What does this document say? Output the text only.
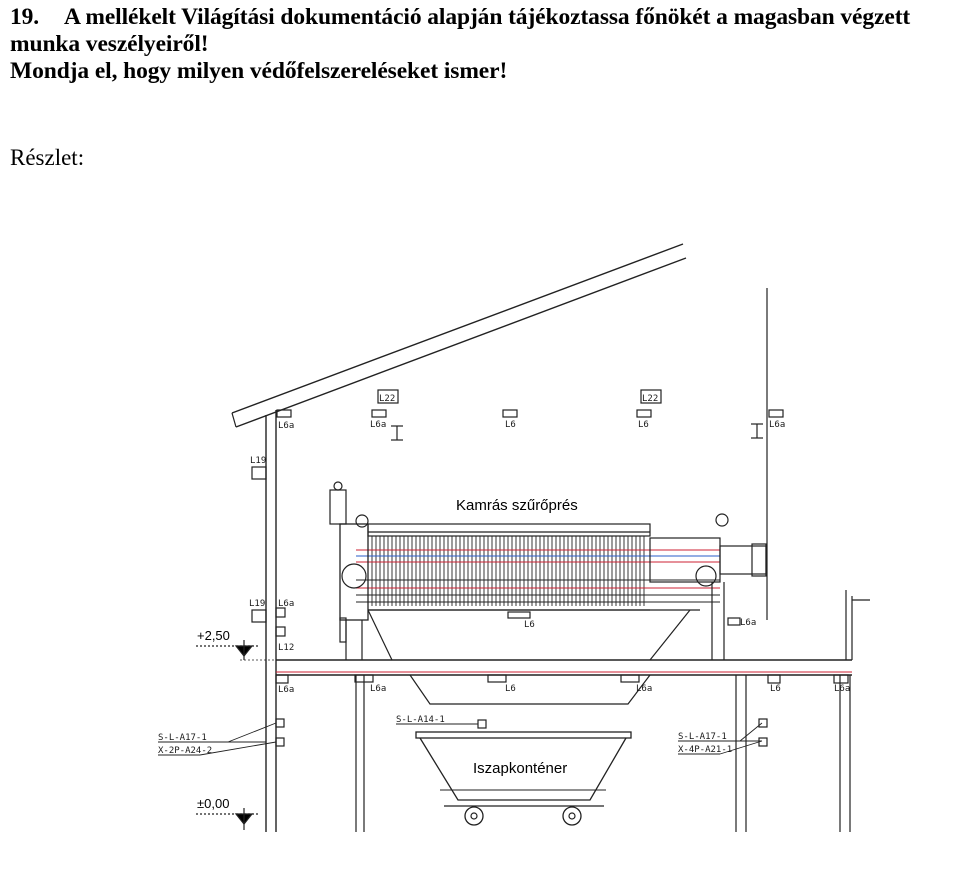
19. A mellékelt Világítási dokumentáció alapján tájékoztassa főnökét a magasban végzett
munka veszélyeiről!
Mondja el, hogy milyen védőfelszereléseket ismer!
Részlet:
Kamrás szűrőprés
Iszapkonténer
+2,50
±0,00
L22	L22
L6a	L6a	L6	L6	L6a
L19
L19 L6a
L12
L6	L6a
L6a	L6a	L6	L6a	L6	L6a
S-L-A17-1
X-2P-A24-2
S-L-A14-1
S-L-A17-1
X-4P-A21-1
